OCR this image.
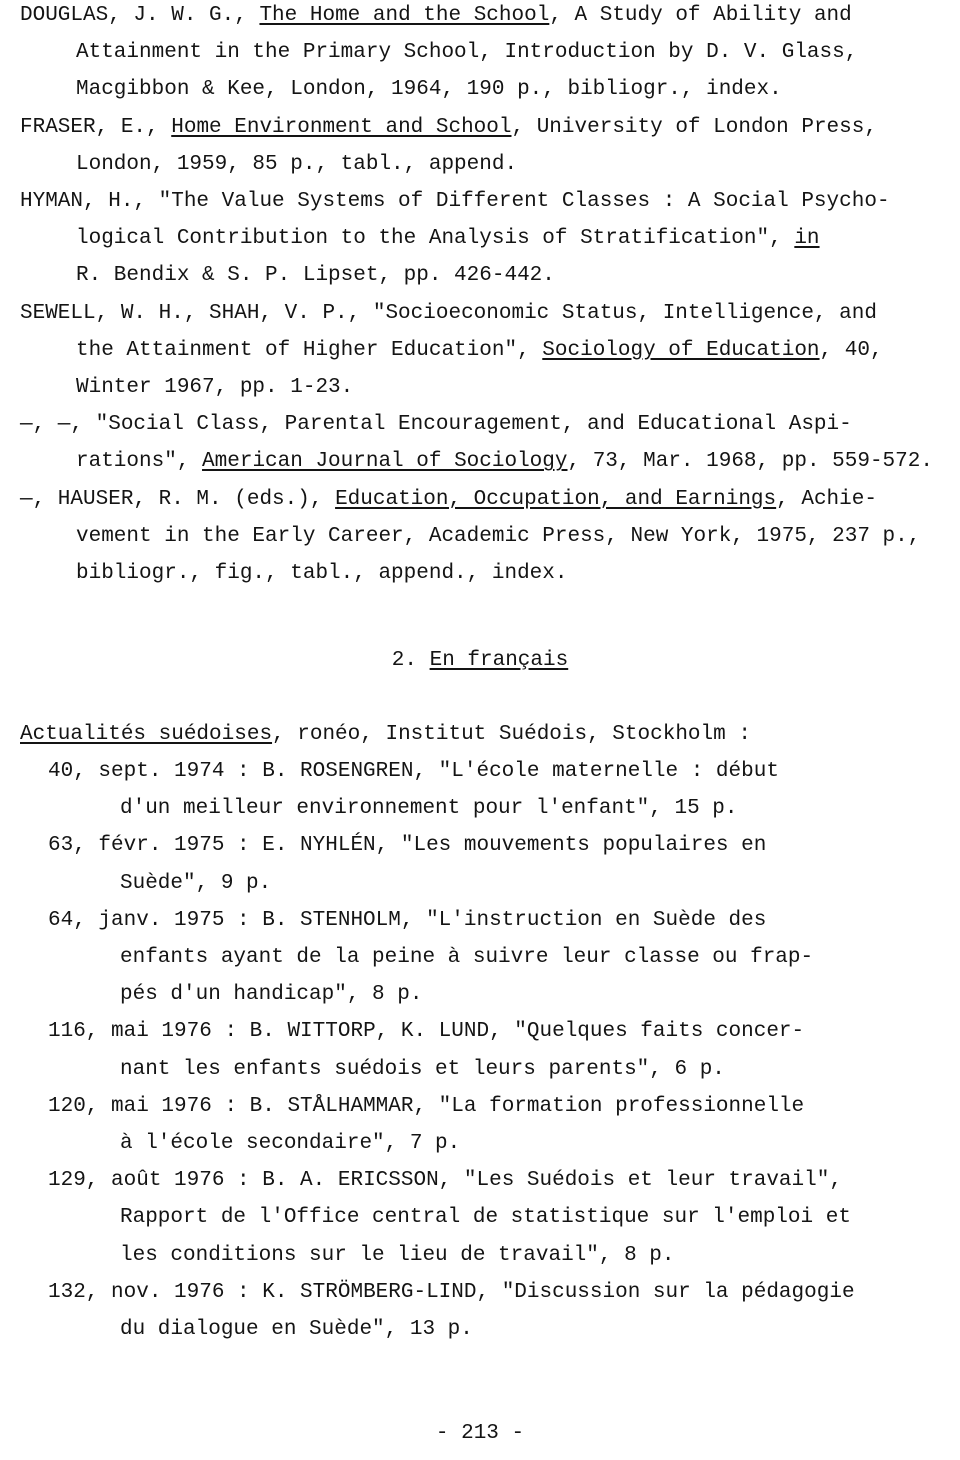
DOUGLAS, J. W. G., The Home and the School, A Study of Ability and
Attainment in the Primary School, Introduction by D. V. Glass,
Macgibbon & Kee, London, 1964, 190 p., bibliogr., index.
FRASER, E., Home Environment and School, University of London Press,
London, 1959, 85 p., tabl., append.
HYMAN, H., "The Value Systems of Different Classes : A Social Psycho-
logical Contribution to the Analysis of Stratification", in
R. Bendix & S. P. Lipset, pp. 426-442.
SEWELL, W. H., SHAH, V. P., "Socioeconomic Status, Intelligence, and
the Attainment of Higher Education", Sociology of Education, 40,
Winter 1967, pp. 1-23.
—, —, "Social Class, Parental Encouragement, and Educational Aspi-
rations", American Journal of Sociology, 73, Mar. 1968, pp. 559-572.
—, HAUSER, R. M. (eds.), Education, Occupation, and Earnings, Achie-
vement in the Early Career, Academic Press, New York, 1975, 237 p.,
bibliogr., fig., tabl., append., index.
2. En français
Actualités suédoises, ronéo, Institut Suédois, Stockholm :
40, sept. 1974 : B. ROSENGREN, "L'école maternelle : début
d'un meilleur environnement pour l'enfant", 15 p.
63, févr. 1975 : E. NYHLÉN, "Les mouvements populaires en
Suède", 9 p.
64, janv. 1975 : B. STENHOLM, "L'instruction en Suède des
enfants ayant de la peine à suivre leur classe ou frap-
pés d'un handicap", 8 p.
116, mai 1976 : B. WITTORP, K. LUND, "Quelques faits concer-
nant les enfants suédois et leurs parents", 6 p.
120, mai 1976 : B. STÅLHAMMAR, "La formation professionnelle
à l'école secondaire", 7 p.
129, août 1976 : B. A. ERICSSON, "Les Suédois et leur travail",
Rapport de l'Office central de statistique sur l'emploi et
les conditions sur le lieu de travail", 8 p.
132, nov. 1976 : K. STRÖMBERG-LIND, "Discussion sur la pédagogie
du dialogue en Suède", 13 p.
- 213 -
